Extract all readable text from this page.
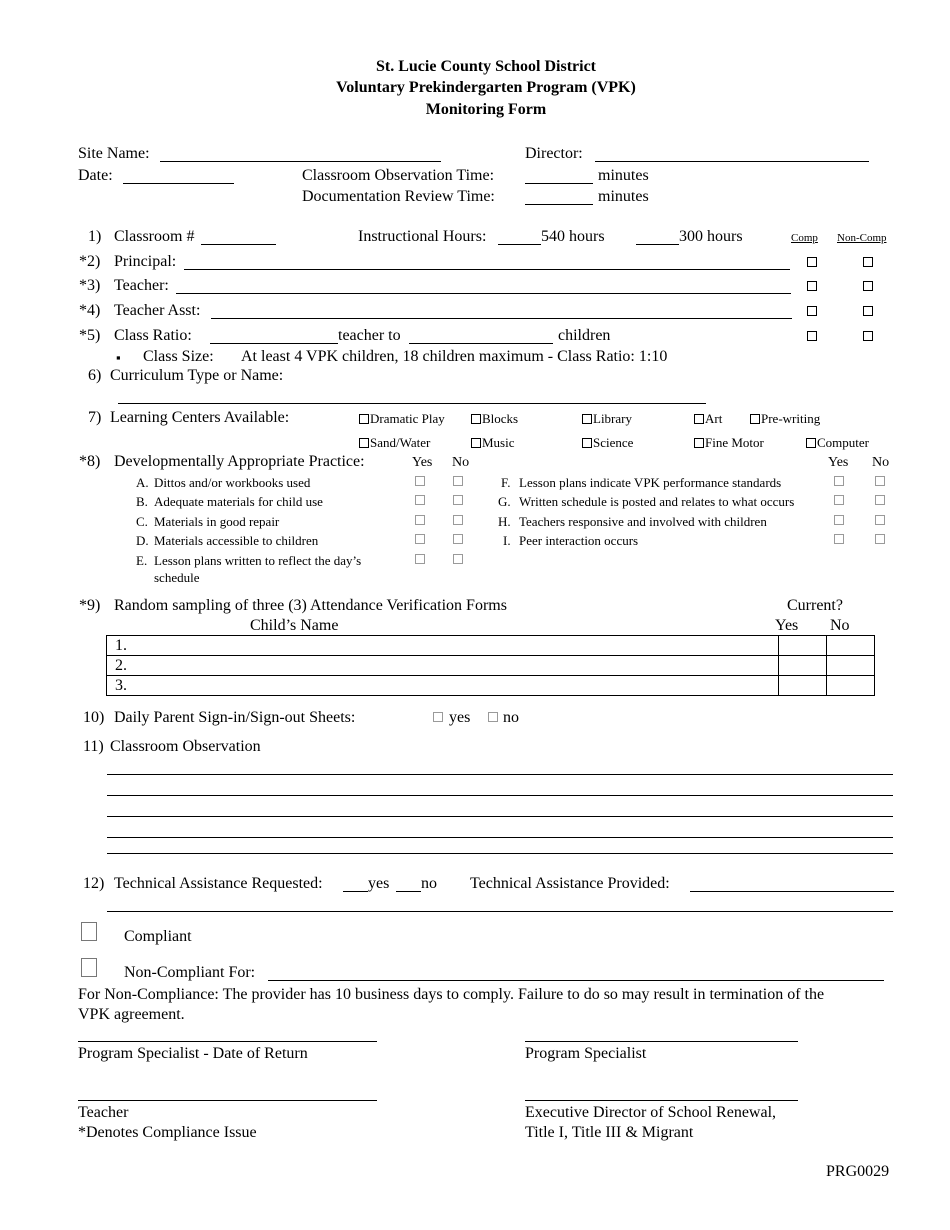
St. Lucie County School District
Voluntary Prekindergarten Program (VPK)
Monitoring Form
Site Name:	Director:
Date:	Classroom Observation Time:	minutes
Documentation Review Time:	minutes
1) Classroom #	Instructional Hours:	540 hours	300 hours	Comp Non-Comp
*2) Principal:
*3) Teacher:
*4) Teacher Asst:
*5) Class Ratio:	teacher to	children
▪ Class Size: At least 4 VPK children, 18 children maximum - Class Ratio: 1:10
6) Curriculum Type or Name:
7) Learning Centers Available:	Dramatic Play	Blocks	Library	Art	Pre-writing
Sand/Water	Music	Science	Fine Motor	Computer
*8) Developmentally Appropriate Practice:	Yes No	Yes No
A. Dittos and/or workbooks used
B. Adequate materials for child use
C. Materials in good repair
D. Materials accessible to children
E. Lesson plans written to reflect the day’s
schedule
F. Lesson plans indicate VPK performance standards
G. Written schedule is posted and relates to what occurs
H. Teachers responsive and involved with children
I. Peer interaction occurs
*9) Random sampling of three (3) Attendance Verification Forms	Current?
Child’s Name	Yes No
1.		
2.		
3.		
10) Daily Parent Sign-in/Sign-out Sheets:	yes no
11) Classroom Observation
12) Technical Assistance Requested:	yes no Technical Assistance Provided:
Compliant
Non-Compliant For:
For Non-Compliance: The provider has 10 business days to comply. Failure to do so may result in termination of the
VPK agreement.
Program Specialist - Date of Return	Program Specialist
Teacher
*Denotes Compliance Issue
Executive Director of School Renewal,
Title I, Title III & Migrant
PRG0029
